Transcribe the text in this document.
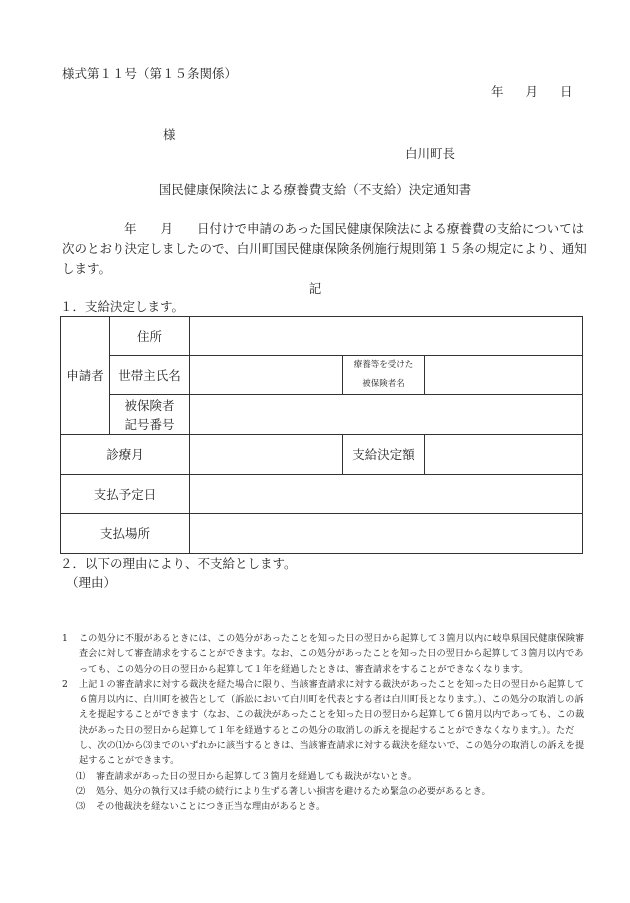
様式第１１号（第１５条関係）
年 月 日
様
白川町長
国民健康保険法による療養費支給（不支給）決定通知書
年 月 日付けで申請のあった国民健康保険法による療養費の支給については
次のとおり決定しましたので、白川町国民健康保険条例施行規則第１５条の規定により、通知
します。
記
１．支給決定します。
申請者	住所			
	世帯主氏名		療養等を受けた
被保険者名	

	被保険者
記号番号			

診療月			支給決定額	
支払予定日				
支払場所				
２．以下の理由により、不支給とします。
（理由）
1 この処分に不服があるときには、この処分があったことを知った日の翌日から起算して３箇月以内に岐阜県国民健康保険審査会に対して審査請求をすることができます。なお、この処分があったことを知った日の翌日から起算して３箇月以内であっても、この処分の日の翌日から起算して１年を経過したときは、審査請求をすることができなくなります。
2 上記１の審査請求に対する裁決を経た場合に限り、当該審査請求に対する裁決があったことを知った日の翌日から起算して６箇月以内に、白川町を被告として（訴訟において白川町を代表とする者は白川町長となります。）、この処分の取消しの訴えを提起することができます（なお、この裁決があったことを知った日の翌日から起算して６箇月以内であっても、この裁決があった日の翌日から起算して１年を経過するとこの処分の取消しの訴えを提起することができなくなります。）。ただし、次の⑴から⑶までのいずれかに該当するときは、当該審査請求に対する裁決を経ないで、この処分の取消しの訴えを提起することができます。
⑴ 審査請求があった日の翌日から起算して３箇月を経過しても裁決がないとき。
⑵ 処分、処分の執行又は手続の続行により生ずる著しい損害を避けるため緊急の必要があるとき。
⑶ その他裁決を経ないことにつき正当な理由があるとき。
